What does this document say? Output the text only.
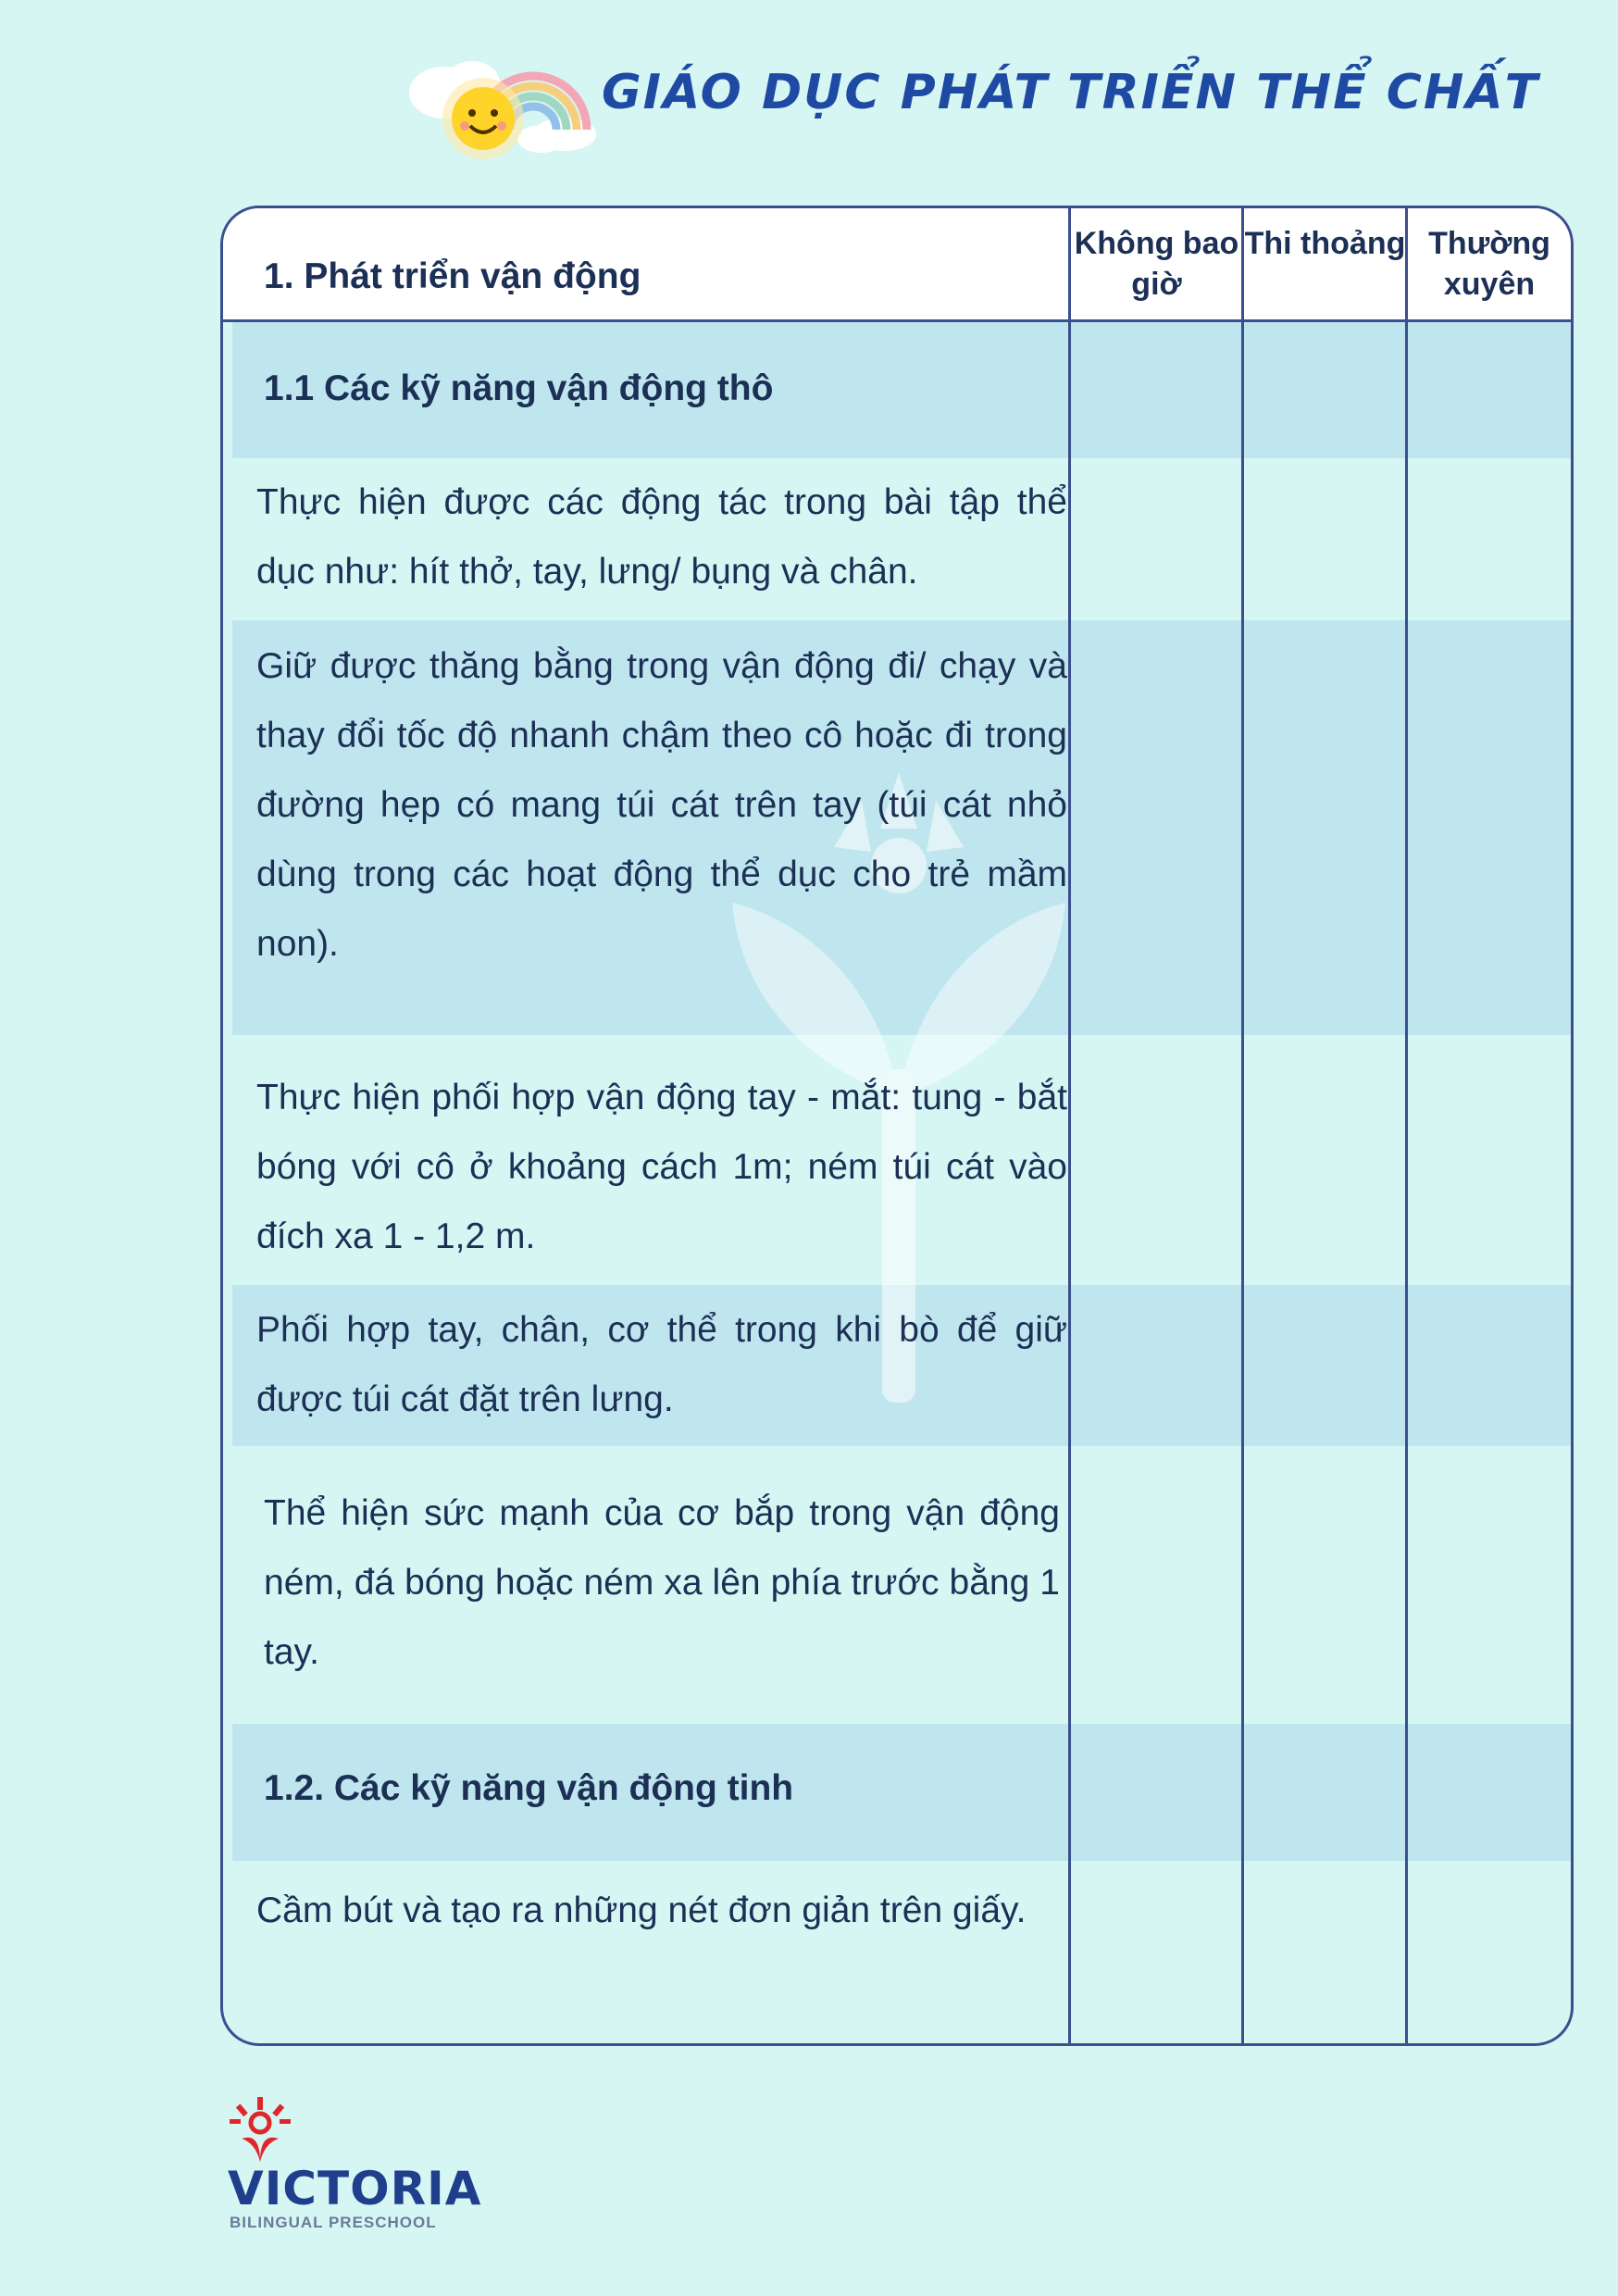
GIÁO DỤC PHÁT TRIỂN THỂ CHẤT
1. Phát triển vận động
Không bao giờ
Thi thoảng Thường xuyên
1.1 Các kỹ năng vận động thô
Thực hiện được các động tác trong bài tập thể dục như: hít thở, tay, lưng/ bụng và chân.
Giữ được thăng bằng trong vận động đi/ chạy và thay đổi tốc độ nhanh chậm theo cô hoặc đi trong đường hẹp có mang túi cát trên tay (túi cát nhỏ dùng trong các hoạt động thể dục cho trẻ mầm non).
Thực hiện phối hợp vận động tay - mắt: tung - bắt bóng với cô ở khoảng cách 1m; ném túi cát vào đích xa 1 - 1,2 m.
Phối hợp tay, chân, cơ thể trong khi bò để giữ được túi cát đặt trên lưng.
Thể hiện sức mạnh của cơ bắp trong vận động ném, đá bóng hoặc ném xa lên phía trước bằng 1 tay.
1.2. Các kỹ năng vận động tinh
Cầm bút và tạo ra những nét đơn giản trên giấy.
VICTORIA
BILINGUAL PRESCHOOL
